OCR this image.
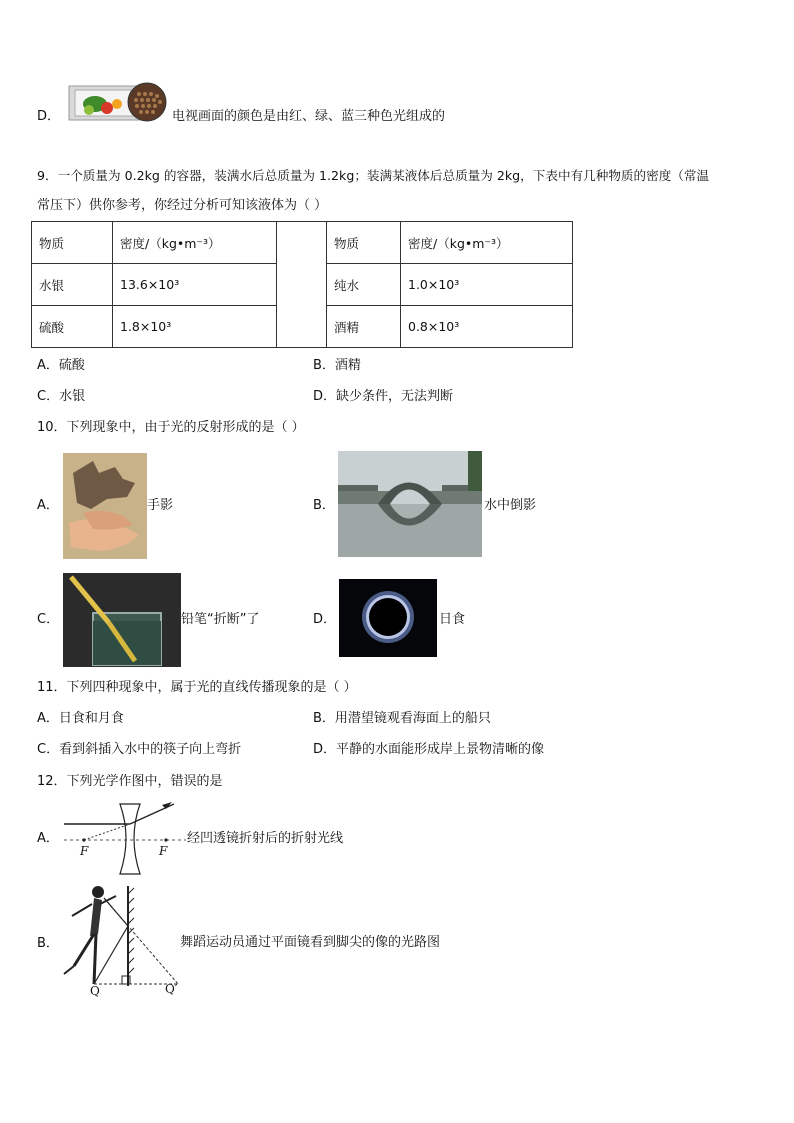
D．	电视画面的颜色是由红、绿、蓝三种色光组成的
9．一个质量为 0.2kg 的容器，装满水后总质量为 1.2kg；装满某液体后总质量为 2kg，下表中有几种物质的密度（常温
常压下）供你参考，你经过分析可知该液体为（ ）
物质	密度/（kg•m⁻³）		物质	密度/（kg•m⁻³）
水银	13.6×10³		纯水	1.0×10³
硫酸	1.8×10³		酒精	0.8×10³
A．硫酸	B．酒精
C．水银	D．缺少条件，无法判断
10．下列现象中，由于光的反射形成的是（ ）
A．	手影	B．	水中倒影
C．	铅笔“折断”了	D．	日食
11．下列四种现象中，属于光的直线传播现象的是（ ）
A．日食和月食	B．用潜望镜观看海面上的船只
C．看到斜插入水中的筷子向上弯折	D．平静的水面能形成岸上景物清晰的像
12．下列光学作图中，错误的是
A．
F	F
经凹透镜折射后的折射光线
B．
Q	Q′
舞蹈运动员通过平面镜看到脚尖的像的光路图
